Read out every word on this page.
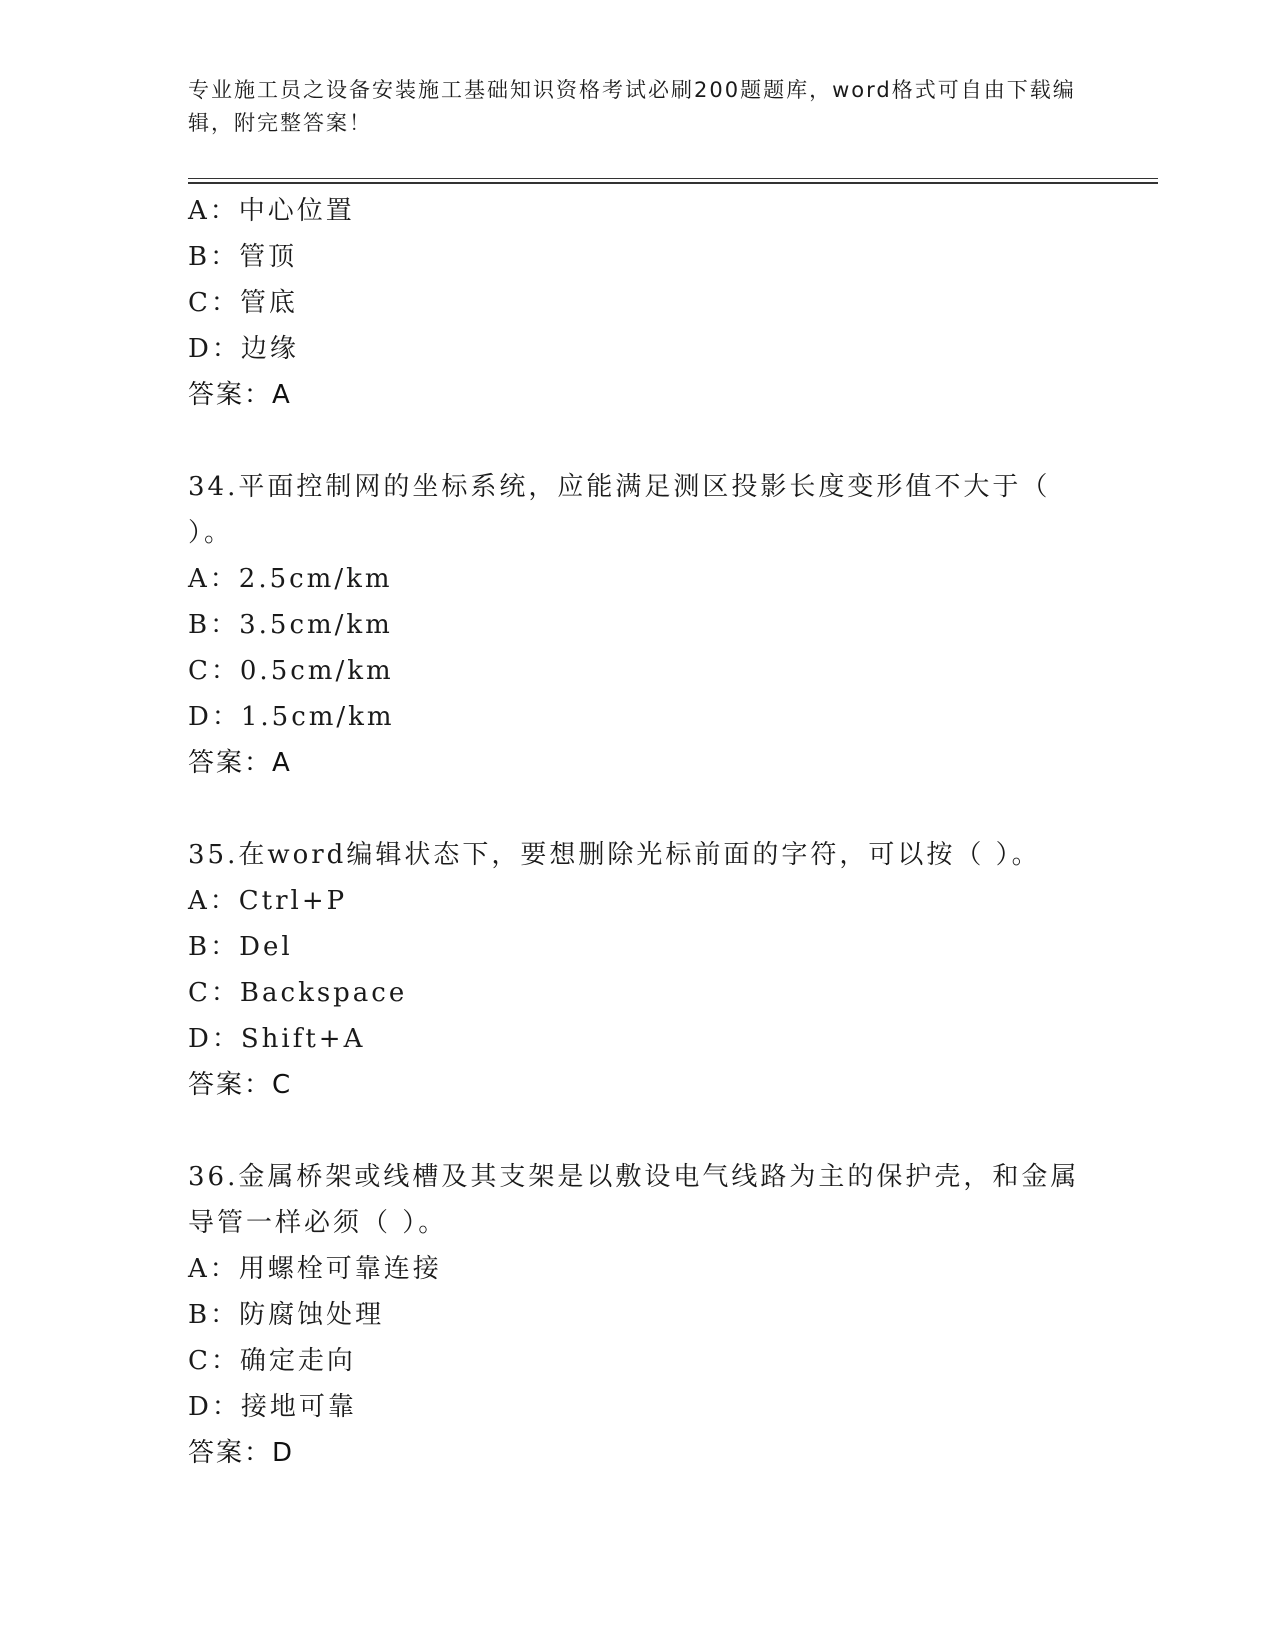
专业施工员之设备安装施工基础知识资格考试必刷200题题库，word格式可自由下载编辑，附完整答案！
A：中心位置
B：管顶
C：管底
D：边缘
答案：A
34.平面控制网的坐标系统，应能满足测区投影长度变形值不大于（
）。
A：2.5cm/km
B：3.5cm/km
C：0.5cm/km
D：1.5cm/km
答案：A
35.在word编辑状态下，要想删除光标前面的字符，可以按（ ）。
A：Ctrl+P
B：Del
C：Backspace
D：Shift+A
答案：C
36.金属桥架或线槽及其支架是以敷设电气线路为主的保护壳，和金属
导管一样必须（ ）。
A：用螺栓可靠连接
B：防腐蚀处理
C：确定走向
D：接地可靠
答案：D
